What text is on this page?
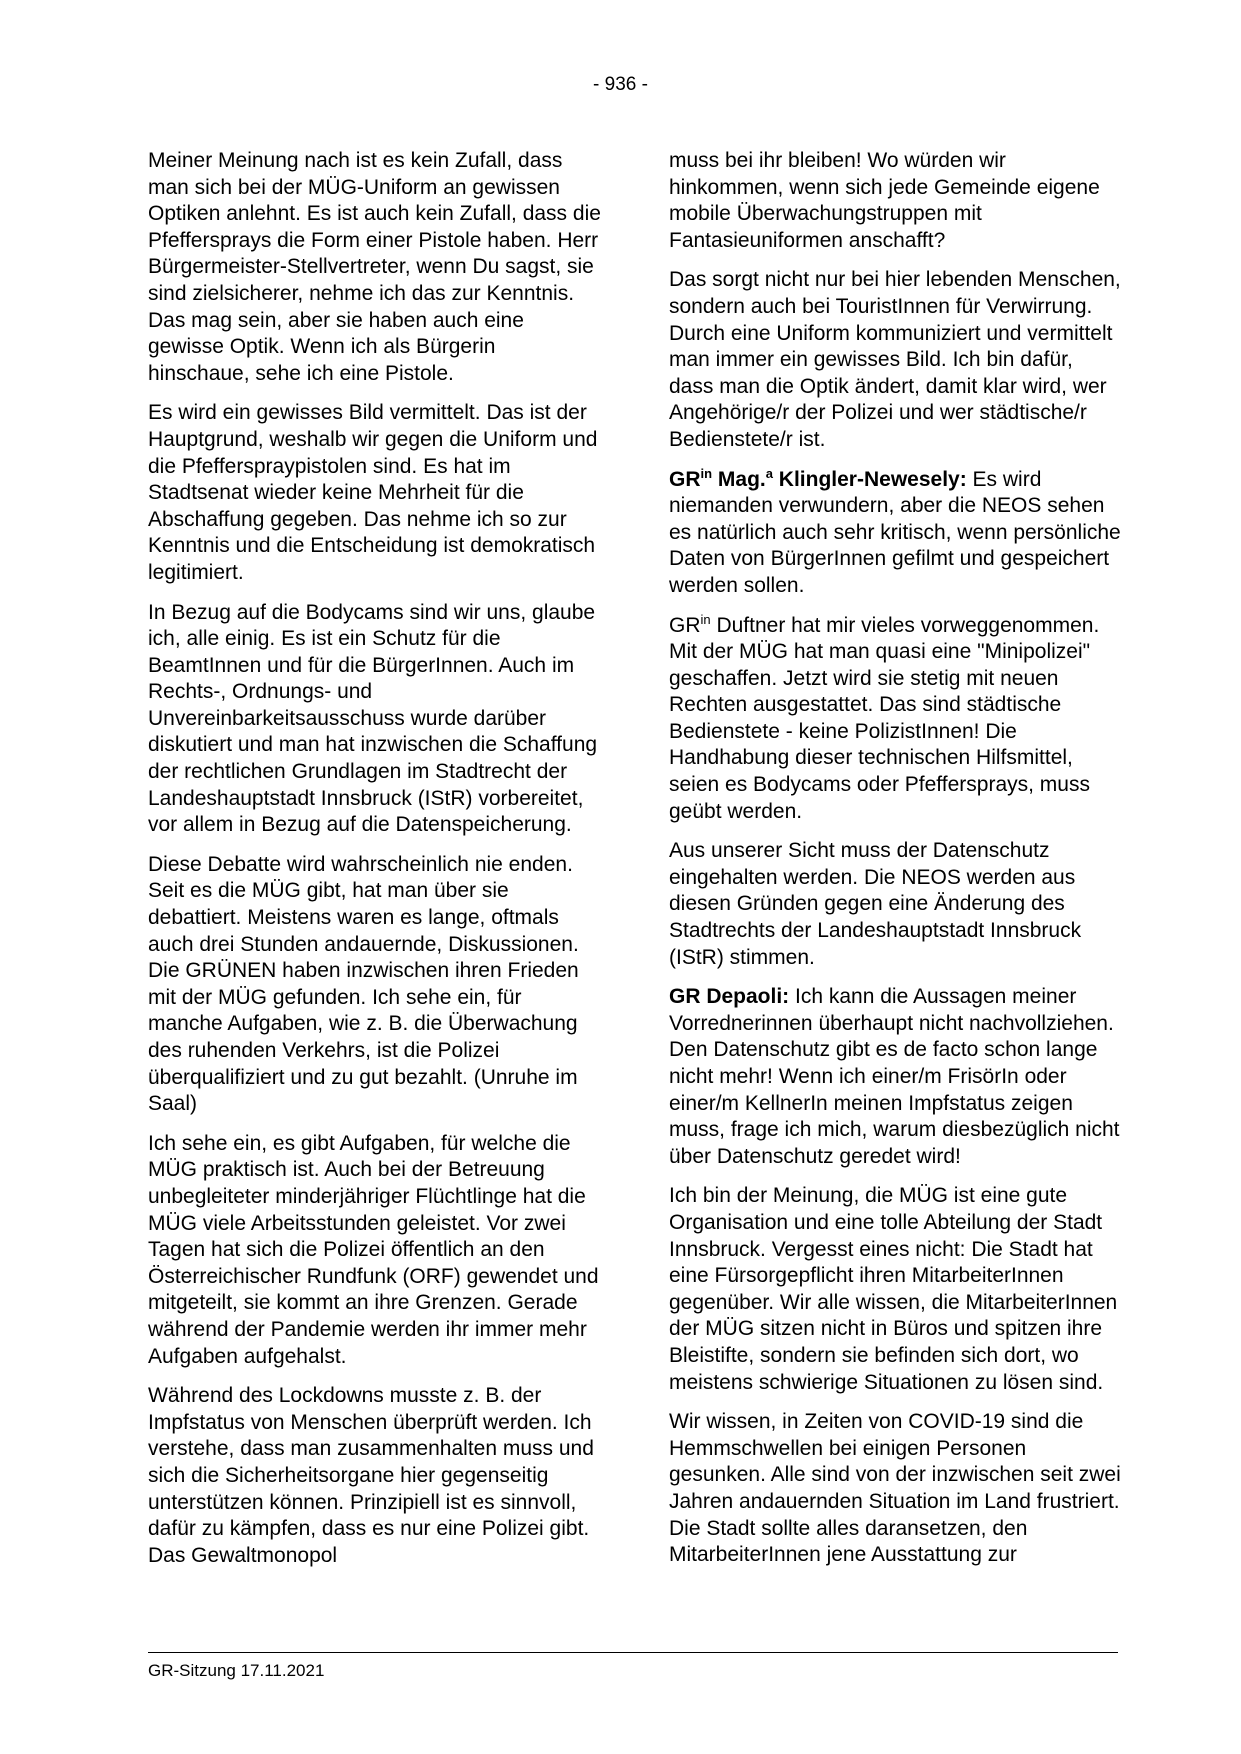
- 936 -

Meiner Meinung nach ist es kein Zufall, dass man sich bei der MÜG-Uniform an gewissen Optiken anlehnt. Es ist auch kein Zufall, dass die Pfeffersprays die Form einer Pistole haben. Herr Bürgermeister-Stellvertreter, wenn Du sagst, sie sind zielsicherer, nehme ich das zur Kenntnis. Das mag sein, aber sie haben auch eine gewisse Optik. Wenn ich als Bürgerin hinschaue, sehe ich eine Pistole.

Es wird ein gewisses Bild vermittelt. Das ist der Hauptgrund, weshalb wir gegen die Uniform und die Pfefferspraypistolen sind. Es hat im Stadtsenat wieder keine Mehrheit für die Abschaffung gegeben. Das nehme ich so zur Kenntnis und die Entscheidung ist demokratisch legitimiert.

In Bezug auf die Bodycams sind wir uns, glaube ich, alle einig. Es ist ein Schutz für die BeamtInnen und für die BürgerInnen. Auch im Rechts-, Ordnungs- und Unvereinbarkeitsausschuss wurde darüber diskutiert und man hat inzwischen die Schaffung der rechtlichen Grundlagen im Stadtrecht der Landeshauptstadt Innsbruck (IStR) vorbereitet, vor allem in Bezug auf die Datenspeicherung.

Diese Debatte wird wahrscheinlich nie enden. Seit es die MÜG gibt, hat man über sie debattiert. Meistens waren es lange, oftmals auch drei Stunden andauernde, Diskussionen. Die GRÜNEN haben inzwischen ihren Frieden mit der MÜG gefunden. Ich sehe ein, für manche Aufgaben, wie z. B. die Überwachung des ruhenden Verkehrs, ist die Polizei überqualifiziert und zu gut bezahlt. (Unruhe im Saal)

Ich sehe ein, es gibt Aufgaben, für welche die MÜG praktisch ist. Auch bei der Betreuung unbegleiteter minderjähriger Flüchtlinge hat die MÜG viele Arbeitsstunden geleistet. Vor zwei Tagen hat sich die Polizei öffentlich an den Österreichischer Rundfunk (ORF) gewendet und mitgeteilt, sie kommt an ihre Grenzen. Gerade während der Pandemie werden ihr immer mehr Aufgaben aufgehalst.

Während des Lockdowns musste z. B. der Impfstatus von Menschen überprüft werden. Ich verstehe, dass man zusammenhalten muss und sich die Sicherheitsorgane hier gegenseitig unterstützen können. Prinzipiell ist es sinnvoll, dafür zu kämpfen, dass es nur eine Polizei gibt. Das Gewaltmonopol

muss bei ihr bleiben! Wo würden wir hinkommen, wenn sich jede Gemeinde eigene mobile Überwachungstruppen mit Fantasieuniformen anschafft?

Das sorgt nicht nur bei hier lebenden Menschen, sondern auch bei TouristInnen für Verwirrung. Durch eine Uniform kommuniziert und vermittelt man immer ein gewisses Bild. Ich bin dafür, dass man die Optik ändert, damit klar wird, wer Angehörige/r der Polizei und wer städtische/r Bedienstete/r ist.

$GR^{in}$ Mag.$^a$ Klingler-Newesely: Es wird niemanden verwundern, aber die NEOS sehen es natürlich auch sehr kritisch, wenn persönliche Daten von BürgerInnen gefilmt und gespeichert werden sollen.

$GR^{in}$ Duftner hat mir vieles vorweggenommen. Mit der MÜG hat man quasi eine "Minipolizei" geschaffen. Jetzt wird sie stetig mit neuen Rechten ausgestattet. Das sind städtische Bedienstete - keine PolizistInnen! Die Handhabung dieser technischen Hilfsmittel, seien es Bodycams oder Pfeffersprays, muss geübt werden.

Aus unserer Sicht muss der Datenschutz eingehalten werden. Die NEOS werden aus diesen Gründen gegen eine Änderung des Stadtrechts der Landeshauptstadt Innsbruck (IStR) stimmen.

GR Depaoli: Ich kann die Aussagen meiner Vorrednerinnen überhaupt nicht nachvollziehen. Den Datenschutz gibt es de facto schon lange nicht mehr! Wenn ich einer/m FrisörIn oder einer/m KellnerIn meinen Impfstatus zeigen muss, frage ich mich, warum diesbezüglich nicht über Datenschutz geredet wird!

Ich bin der Meinung, die MÜG ist eine gute Organisation und eine tolle Abteilung der Stadt Innsbruck. Vergesst eines nicht: Die Stadt hat eine Fürsorgepflicht ihren MitarbeiterInnen gegenüber. Wir alle wissen, die MitarbeiterInnen der MÜG sitzen nicht in Büros und spitzen ihre Bleistifte, sondern sie befinden sich dort, wo meistens schwierige Situationen zu lösen sind.

Wir wissen, in Zeiten von COVID-19 sind die Hemmschwellen bei einigen Personen gesunken. Alle sind von der inzwischen seit zwei Jahren andauernden Situation im Land frustriert. Die Stadt sollte alles daransetzen, den MitarbeiterInnen jene Ausstattung zur

GR-Sitzung 17.11.2021
